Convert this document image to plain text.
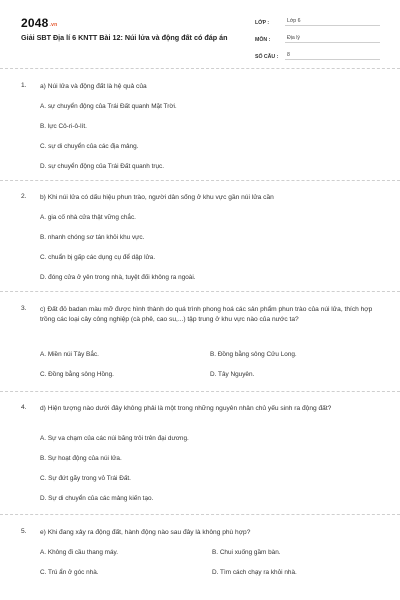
2048.vn
Giải SBT Địa lí 6 KNTT Bài 12: Núi lửa và động đất có đáp án
LỚP :	Lớp 6
MÔN :	Địa lý
SỐ CÂU :	8
1. a) Núi lửa và động đất là hệ quả của
A. sự chuyển động của Trái Đất quanh Mặt Trời.
B. lực Cô-ri-ô-lít.
C. sự di chuyển của các địa mảng.
D. sự chuyển động của Trái Đất quanh trục.
2. b) Khi núi lửa có dấu hiệu phun trào, người dân sống ở khu vực gần núi lửa cần
A. gia cố nhà cửa thật vững chắc.
B. nhanh chóng sơ tán khỏi khu vực.
C. chuẩn bị gấp các dụng cụ để dập lửa.
D. đóng cửa ở yên trong nhà, tuyệt đối không ra ngoài.
3. c) Đất đỏ badan màu mỡ được hình thành do quá trình phong hoá các sản phẩm phun trào của núi lửa, thích hợp trồng các loại cây công nghiệp (cà phê, cao su,...) tập trung ở khu vực nào của nước ta?
A. Miền núi Tây Bắc.	B. Đồng bằng sông Cửu Long.
C. Đồng bằng sông Hồng.	D. Tây Nguyên.
4. d) Hiện tượng nào dưới đây không phải là một trong những nguyên nhân chủ yếu sinh ra động đất?
A. Sự va chạm của các núi băng trôi trên đại dương.
B. Sự hoạt động của núi lửa.
C. Sự đứt gãy trong vỏ Trái Đất.
D. Sự di chuyển của các mảng kiến tạo.
5. e) Khi đang xảy ra động đất, hành động nào sau đây là không phù hợp?
A. Không đi cầu thang máy.	B. Chui xuống gầm bàn.
C. Trú ẩn ở góc nhà.	D. Tìm cách chạy ra khỏi nhà.
